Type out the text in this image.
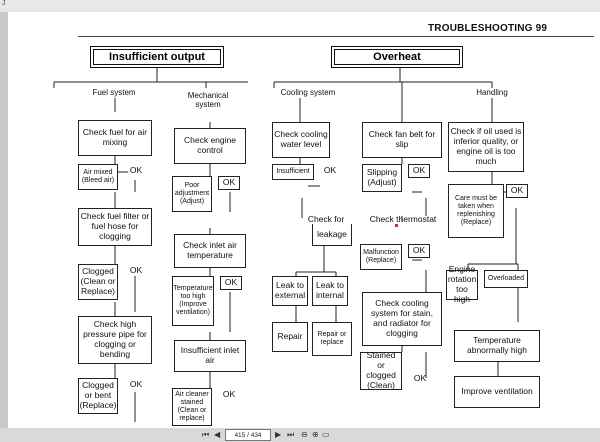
J
TROUBLESHOOTING 99
Insufficient output	Overheat
Fuel system	Mechanical system
Cooling system	Handling
Check fuel for air mixing
Air mixed (Bleed air)
OK
Check fuel filter or fuel hose for clogging
Clogged (Clean or Replace)
OK
Check high pressure pipe for clogging or bending
Clogged or bent (Replace)
OK
Check engine control
Poor adjustment (Adjust)
OK
Check inlet air temperature
Temperature too high (Improve ventilation)
OK
Insufficient inlet air
Air cleaner stained (Clean or replace)
OK
Check cooling water level
Insufficient	OK
Check for
leakage
Leak to external
Leak to internal
Repair	Repair or replace
Check fan belt for slip
Slipping (Adjust)
OK
Check thermostat
Malfunction (Replace)
OK
Check cooling system for stain, and radiator for clogging
Stained or clogged (Clean)
OK
Check if oil used is inferior quality, or engine oil is too much
Care must be taken when replenishing (Replace)
OK
Engine rotation too high
Overloaded
Temperature abnormally high
Improve ventilation
⏮ ◀	415 / 434	▶ ⏭ ⊖ ⊕ ▭
